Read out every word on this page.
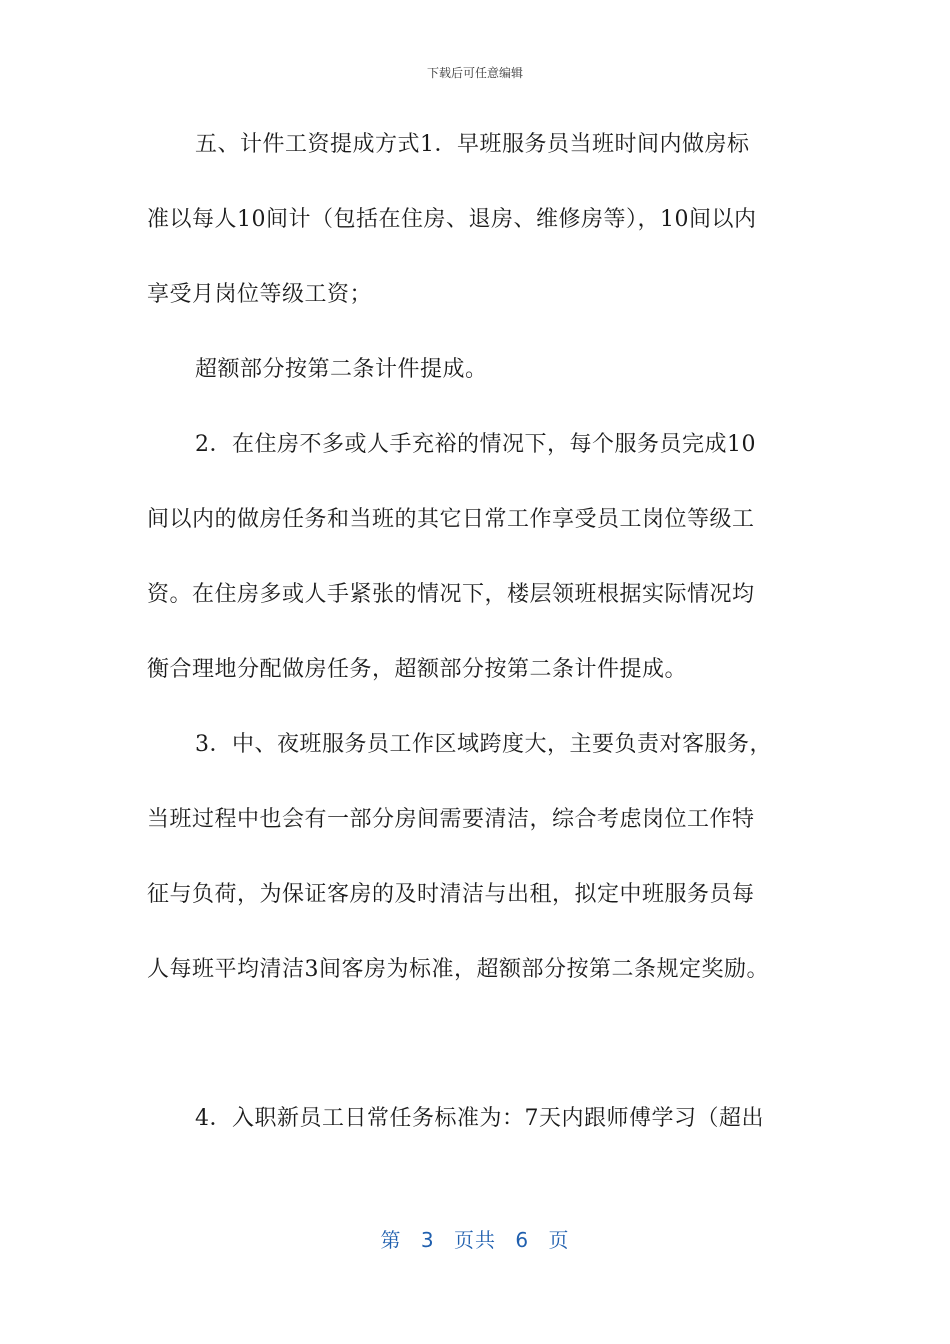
下载后可任意编辑
五、计件工资提成方式1．早班服务员当班时间内做房标
准以每人10间计（包括在住房、退房、维修房等），10间以内
享受月岗位等级工资；
超额部分按第二条计件提成。
2．在住房不多或人手充裕的情况下，每个服务员完成10
间以内的做房任务和当班的其它日常工作享受员工岗位等级工
资。在住房多或人手紧张的情况下，楼层领班根据实际情况均
衡合理地分配做房任务，超额部分按第二条计件提成。
3．中、夜班服务员工作区域跨度大，主要负责对客服务，
当班过程中也会有一部分房间需要清洁，综合考虑岗位工作特
征与负荷，为保证客房的及时清洁与出租，拟定中班服务员每
人每班平均清洁3间客房为标准，超额部分按第二条规定奖励。
4．入职新员工日常任务标准为：7天内跟师傅学习（超出
第 3 页共 6 页
